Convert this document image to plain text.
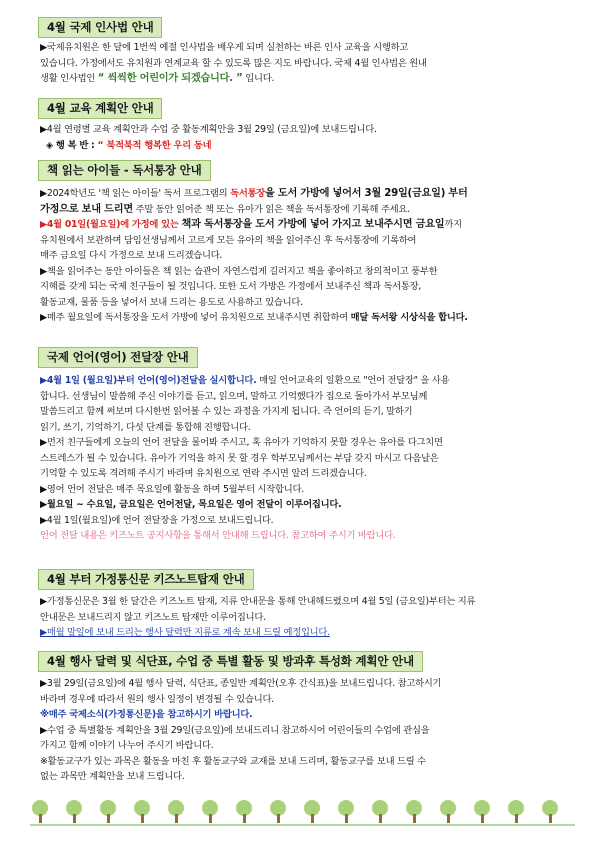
4월 국제 인사법 안내
▶국제유치원은 한 달에 1번씩 예절 인사법을 배우게 되며 실천하는 바른 인사 교육을 시행하고
있습니다. 가정에서도 유치원과 연계교육 할 수 있도록 많은 지도 바랍니다. 국제 4월 인사법은 원내
생활 인사법인 “ 씩씩한 어린이가 되겠습니다. ” 입니다.
4월 교육 계획안 안내
▶4월 연령별 교육 계획안과 수업 중 활동계획안을 3월 29일 (금요일)에 보내드립니다.
◈ 행 복 반 : “ 북적북적 행복한 우리 동네
책 읽는 아이들 - 독서통장 안내
▶2024학년도 '책 읽는 아이들' 독서 프로그램의 독서통장을 도서 가방에 넣어서 3월 29일(금요일) 부터
가정으로 보내 드리면 주말 동안 읽어준 책 또는 유아가 읽은 책을 독서통장에 기록해 주세요.
▶4월 01일(월요일)에 가정에 있는 책과 독서통장을 도서 가방에 넣어 가지고 보내주시면 금요일까지
유치원에서 보관하며 담임선생님께서 고르게 모든 유아의 책을 읽어주신 후 독서통장에 기록하여
매주 금요일 다시 가정으로 보내 드리겠습니다.
▶책을 읽어주는 동안 아이들은 책 읽는 습관이 자연스럽게 길러지고 책을 좋아하고 창의적이고 풍부한
지혜를 갖게 되는 국제 친구들이 될 것입니다. 또한 도서 가방은 가정에서 보내주신 책과 독서통장,
활동교재, 물품 등을 넣어서 보내 드리는 용도로 사용하고 있습니다.
▶매주 월요일에 독서통장을 도서 가방에 넣어 유치원으로 보내주시면 취합하여 매달 독서왕 시상식을 합니다.
국제 언어(영어) 전달장 안내
▶4월 1일 (월요일)부터 언어(영어)전달을 실시합니다. 매일 언어교육의 일환으로 "언어 전달장" 을 사용
합니다. 선생님이 말씀해 주신 이야기를 듣고, 읽으며, 말하고 기억했다가 집으로 돌아가서 부모님께
말씀드리고 함께 써보며 다시한번 읽어볼 수 있는 과정을 가지게 됩니다. 즉 언어의 듣기, 말하기
읽기, 쓰기, 기억하기, 다섯 단계를 통합해 진행합니다.
▶먼저 친구들에게 오늘의 언어 전달을 물어봐 주시고, 혹 유아가 기억하지 못할 경우는 유아를 다그치면
스트레스가 될 수 있습니다. 유아가 기억을 하지 못 할 경우 학부모님께서는 부담 갖지 마시고 다음날은
기억할 수 있도록 격려해 주시기 바라며 유치원으로 연락 주시면 알려 드리겠습니다.
▶영어 언어 전달은 매주 목요일에 활동을 하며 5월부터 시작합니다.
▶월요일 ~ 수요일, 금요일은 언어전달, 목요일은 영어 전달이 이루어집니다.
▶4월 1일(월요일)에 언어 전달장을 가정으로 보내드립니다.
언어 전달 내용은 키즈노트 공지사항을 통해서 안내해 드립니다. 참고하여 주시기 바랍니다.
4월 부터 가정통신문 키즈노트탑재 안내
▶가정통신문은 3월 한 달간은 키즈노트 탑재, 지류 안내문을 통해 안내해드렸으며 4월 5일 (금요일)부터는 지류
안내문은 보내드리지 않고 키즈노트 탑재만 이루어집니다.
▶매월 말일에 보내 드리는 행사 달력만 지류로 계속 보내 드릴 예정입니다.
4월 행사 달력 및 식단표, 수업 중 특별 활동 및 방과후 특성화 계획안 안내
▶3월 29일(금요일)에 4월 행사 달력, 식단표, 종일반 계획안(오후 간식표)을 보내드립니다. 참고하시기
바라며 경우에 따라서 원의 행사 일정이 변경될 수 있습니다.
※매주 국제소식(가정통신문)을 참고하시기 바랍니다.
▶수업 중 특별활동 계획안을 3월 29일(금요일)에 보내드리니 참고하시어 어린이들의 수업에 관심을
가지고 함께 이야기 나누어 주시기 바랍니다.
※활동교구가 있는 과목은 활동을 마친 후 활동교구와 교재를 보내 드리며, 활동교구를 보내 드릴 수
없는 과목만 계획안을 보내 드립니다.
